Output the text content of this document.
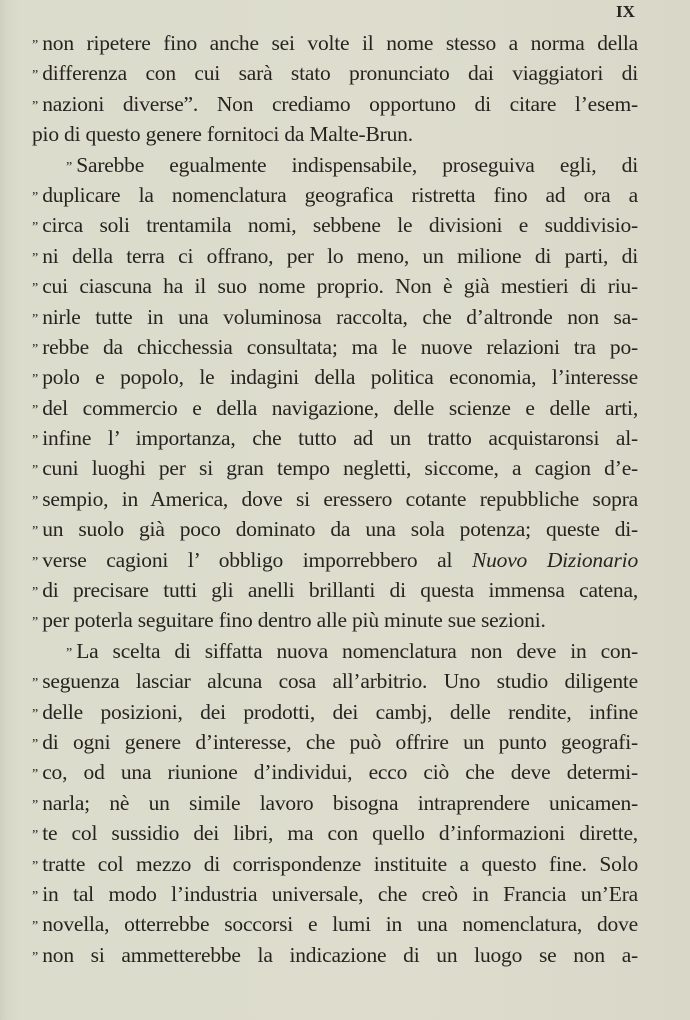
IX
” non ripetere fino anche sei volte il nome stesso a norma della
” differenza con cui sarà stato pronunciato dai viaggiatori di
” nazioni diverse”. Non crediamo opportuno di citare l’esem-
pio di questo genere fornitoci da Malte-Brun.
” Sarebbe egualmente indispensabile, proseguiva egli, di
” duplicare la nomenclatura geografica ristretta fino ad ora a
” circa soli trentamila nomi, sebbene le divisioni e suddivisio-
” ni della terra ci offrano, per lo meno, un milione di parti, di
” cui ciascuna ha il suo nome proprio. Non è già mestieri di riu-
” nirle tutte in una voluminosa raccolta, che d’altronde non sa-
” rebbe da chicchessia consultata; ma le nuove relazioni tra po-
” polo e popolo, le indagini della politica economia, l’interesse
” del commercio e della navigazione, delle scienze e delle arti,
” infine l’ importanza, che tutto ad un tratto acquistaronsi al-
” cuni luoghi per si gran tempo negletti, siccome, a cagion d’e-
” sempio, in America, dove si eressero cotante repubbliche sopra
” un suolo già poco dominato da una sola potenza; queste di-
” verse cagioni l’ obbligo imporrebbero al Nuovo Dizionario
” di precisare tutti gli anelli brillanti di questa immensa catena,
” per poterla seguitare fino dentro alle più minute sue sezioni.
” La scelta di siffatta nuova nomenclatura non deve in con-
” seguenza lasciar alcuna cosa all’arbitrio. Uno studio diligente
” delle posizioni, dei prodotti, dei cambj, delle rendite, infine
” di ogni genere d’interesse, che può offrire un punto geografi-
” co, od una riunione d’individui, ecco ciò che deve determi-
” narla; nè un simile lavoro bisogna intraprendere unicamen-
” te col sussidio dei libri, ma con quello d’informazioni dirette,
” tratte col mezzo di corrispondenze instituite a questo fine. Solo
” in tal modo l’industria universale, che creò in Francia un’Era
” novella, otterrebbe soccorsi e lumi in una nomenclatura, dove
” non si ammetterebbe la indicazione di un luogo se non a-
